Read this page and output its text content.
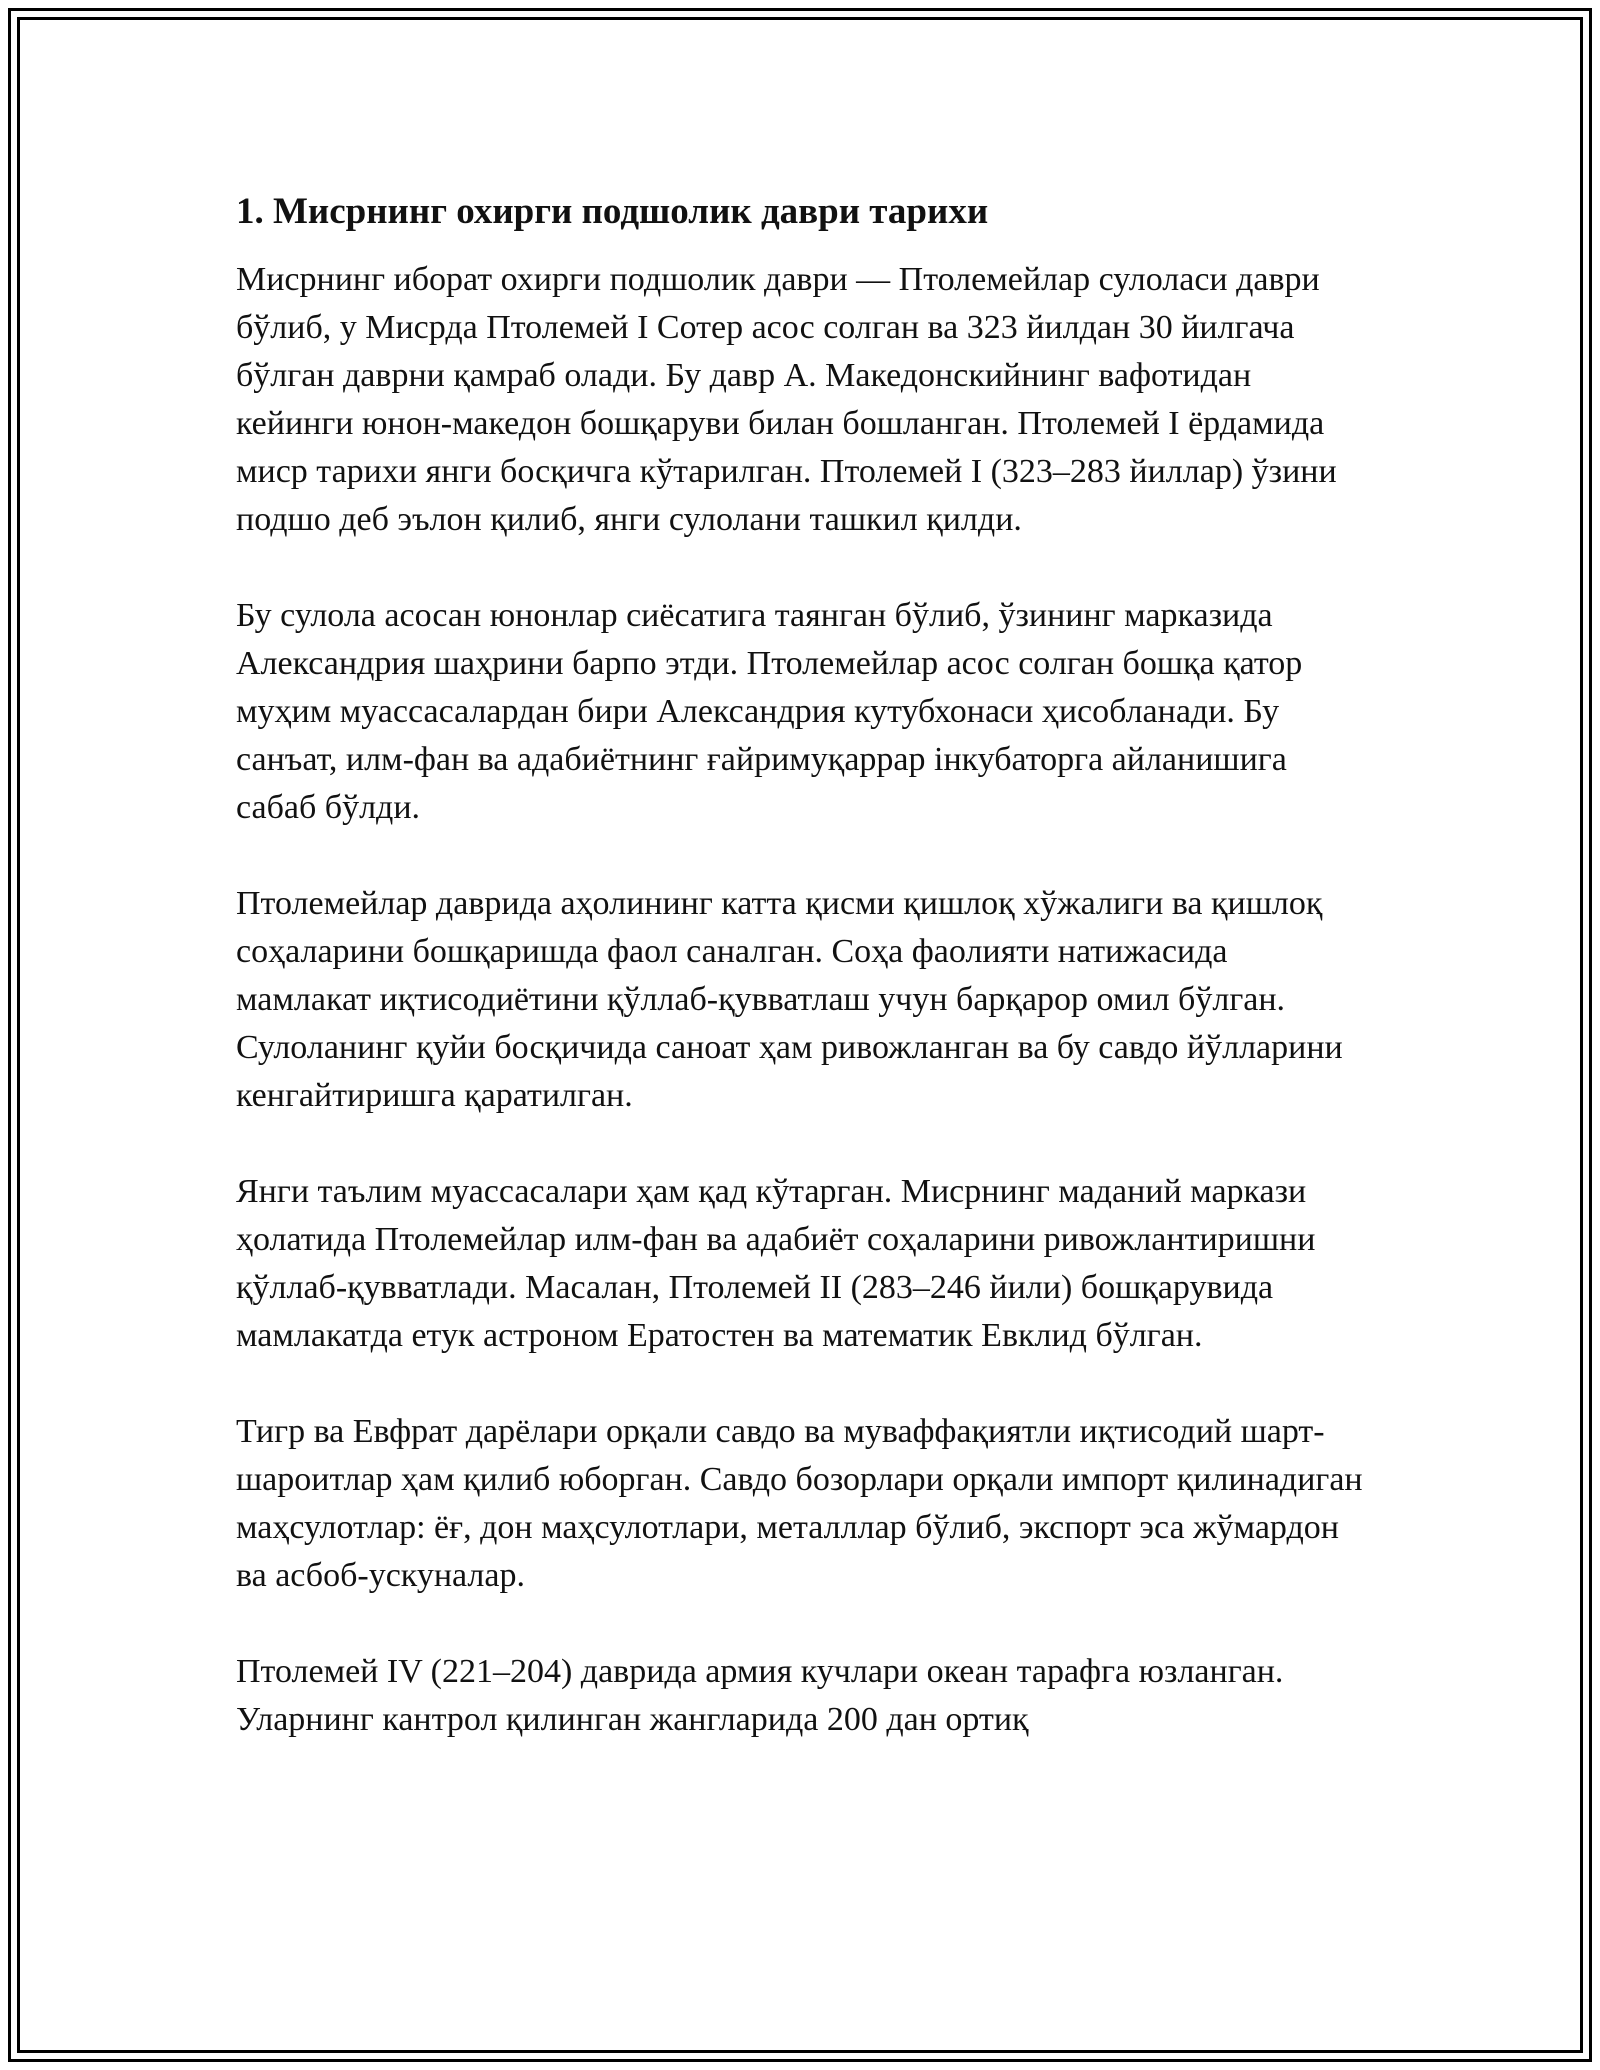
1. Мисрнинг охирги подшолик даври тарихи

Мисрнинг иборат охирги подшолик даври — Птолемейлар сулоласи даври бўлиб, у Мисрда Птолемей I Сотер асос солган ва 323 йилдан 30 йилгача бўлган даврни қамраб олади. Бу давр А. Македонскийнинг вафотидан кейинги юнон-македон бошқаруви билан бошланган. Птолемей I ёрдамида миср тарихи янги босқичга кўтарилган. Птолемей I (323–283 йиллар) ўзини подшо деб эълон қилиб, янги сулолани ташкил қилди.

Бу сулола асосан юнонлар сиёсатига таянган бўлиб, ўзининг марказида Александрия шаҳрини барпо этди. Птолемейлар асос солган бошқа қатор муҳим муассасалардан бири Александрия кутубхонаси ҳисобланади. Бу санъат, илм-фан ва адабиётнинг ғайримуқаррар інкубаторга айланишига сабаб бўлди.

Птолемейлар даврида аҳолининг катта қисми қишлоқ хўжалиги ва қишлоқ соҳаларини бошқаришда фаол саналган. Соҳа фаолияти натижасида мамлакат иқтисодиётини қўллаб-қувватлаш учун барқарор омил бўлган. Сулоланинг қуйи босқичида саноат ҳам ривожланган ва бу савдо йўлларини кенгайтиришга қаратилган.

Янги таълим муассасалари ҳам қад кўтарган. Мисрнинг маданий маркази ҳолатида Птолемейлар илм-фан ва адабиёт соҳаларини ривожлантиришни қўллаб-қувватлади. Масалан, Птолемей II (283–246 йили) бошқарувида мамлакатда етук астроном Ератостен ва математик Евклид бўлган.

Тигр ва Евфрат дарёлари орқали савдо ва муваффақиятли иқтисодий шарт-шароитлар ҳам қилиб юборган. Савдо бозорлари орқали импорт қилинадиган маҳсулотлар: ёғ, дон маҳсулотлари, металллар бўлиб, экспорт эса жўмардон ва асбоб-ускуналар.

Птолемей IV (221–204) даврида армия кучлари океан тарафга юзланган. Уларнинг кантрол қилинган жангларида 200 дан ортиқ
